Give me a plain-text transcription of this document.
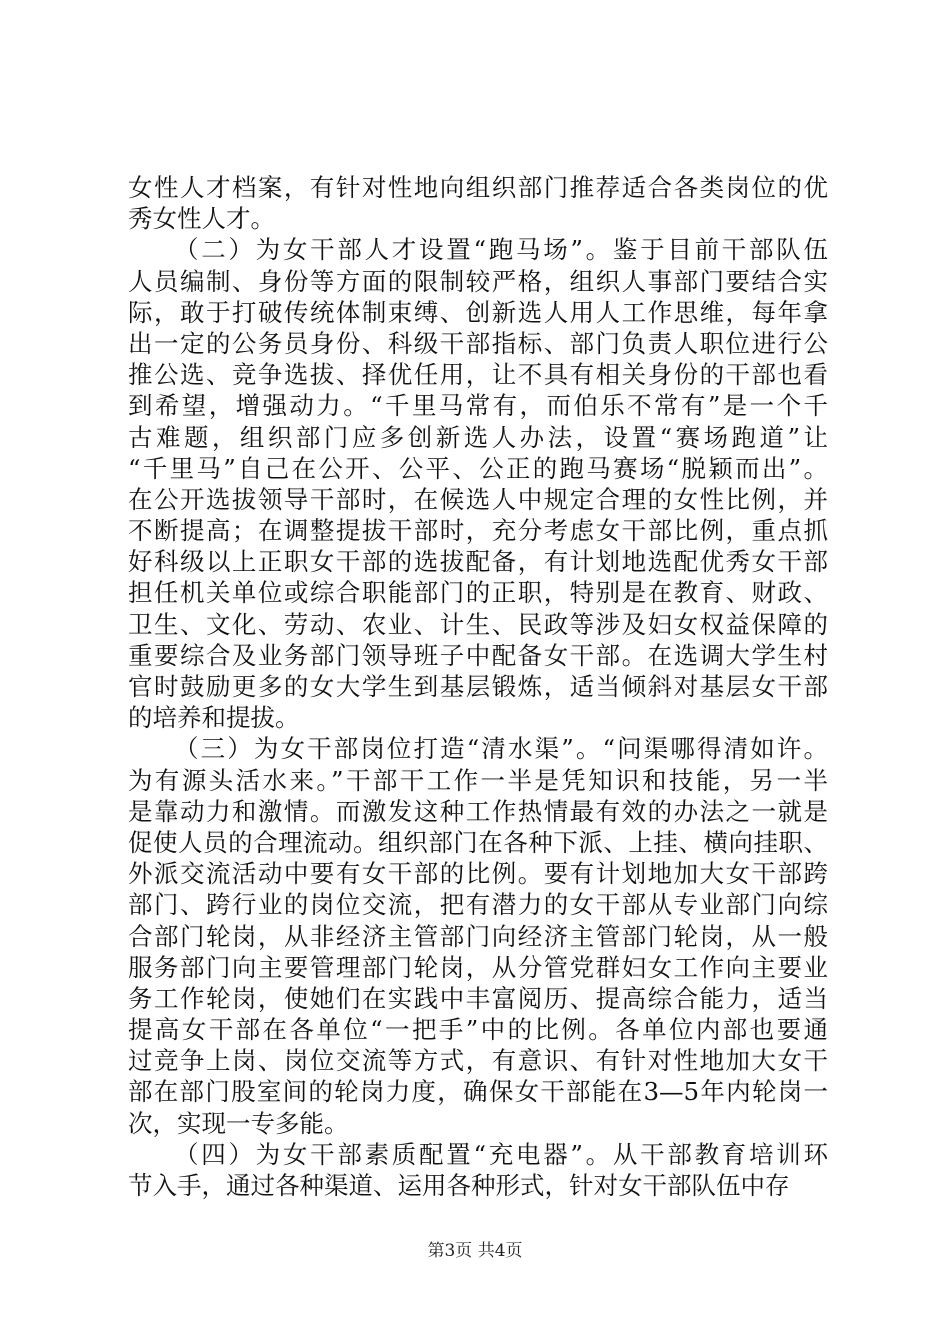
女性人才档案，有针对性地向组织部门推荐适合各类岗位的优
秀女性人才。
（二）为女干部人才设置“跑马场”。鉴于目前干部队伍
人员编制、身份等方面的限制较严格，组织人事部门要结合实
际，敢于打破传统体制束缚、创新选人用人工作思维，每年拿
出一定的公务员身份、科级干部指标、部门负责人职位进行公
推公选、竞争选拔、择优任用，让不具有相关身份的干部也看
到希望，增强动力。“千里马常有，而伯乐不常有”是一个千
古难题，组织部门应多创新选人办法，设置“赛场跑道”让
“千里马”自己在公开、公平、公正的跑马赛场“脱颖而出”。
在公开选拔领导干部时，在候选人中规定合理的女性比例，并
不断提高；在调整提拔干部时，充分考虑女干部比例，重点抓
好科级以上正职女干部的选拔配备，有计划地选配优秀女干部
担任机关单位或综合职能部门的正职，特别是在教育、财政、
卫生、文化、劳动、农业、计生、民政等涉及妇女权益保障的
重要综合及业务部门领导班子中配备女干部。在选调大学生村
官时鼓励更多的女大学生到基层锻炼，适当倾斜对基层女干部
的培养和提拔。
（三）为女干部岗位打造“清水渠”。“问渠哪得清如许。
为有源头活水来。”干部干工作一半是凭知识和技能，另一半
是靠动力和激情。而激发这种工作热情最有效的办法之一就是
促使人员的合理流动。组织部门在各种下派、上挂、横向挂职、
外派交流活动中要有女干部的比例。要有计划地加大女干部跨
部门、跨行业的岗位交流，把有潜力的女干部从专业部门向综
合部门轮岗，从非经济主管部门向经济主管部门轮岗，从一般
服务部门向主要管理部门轮岗，从分管党群妇女工作向主要业
务工作轮岗，使她们在实践中丰富阅历、提高综合能力，适当
提高女干部在各单位“一把手”中的比例。各单位内部也要通
过竞争上岗、岗位交流等方式，有意识、有针对性地加大女干
部在部门股室间的轮岗力度，确保女干部能在3—5年内轮岗一
次，实现一专多能。
（四）为女干部素质配置“充电器”。从干部教育培训环
节入手，通过各种渠道、运用各种形式，针对女干部队伍中存
第3页 共4页
